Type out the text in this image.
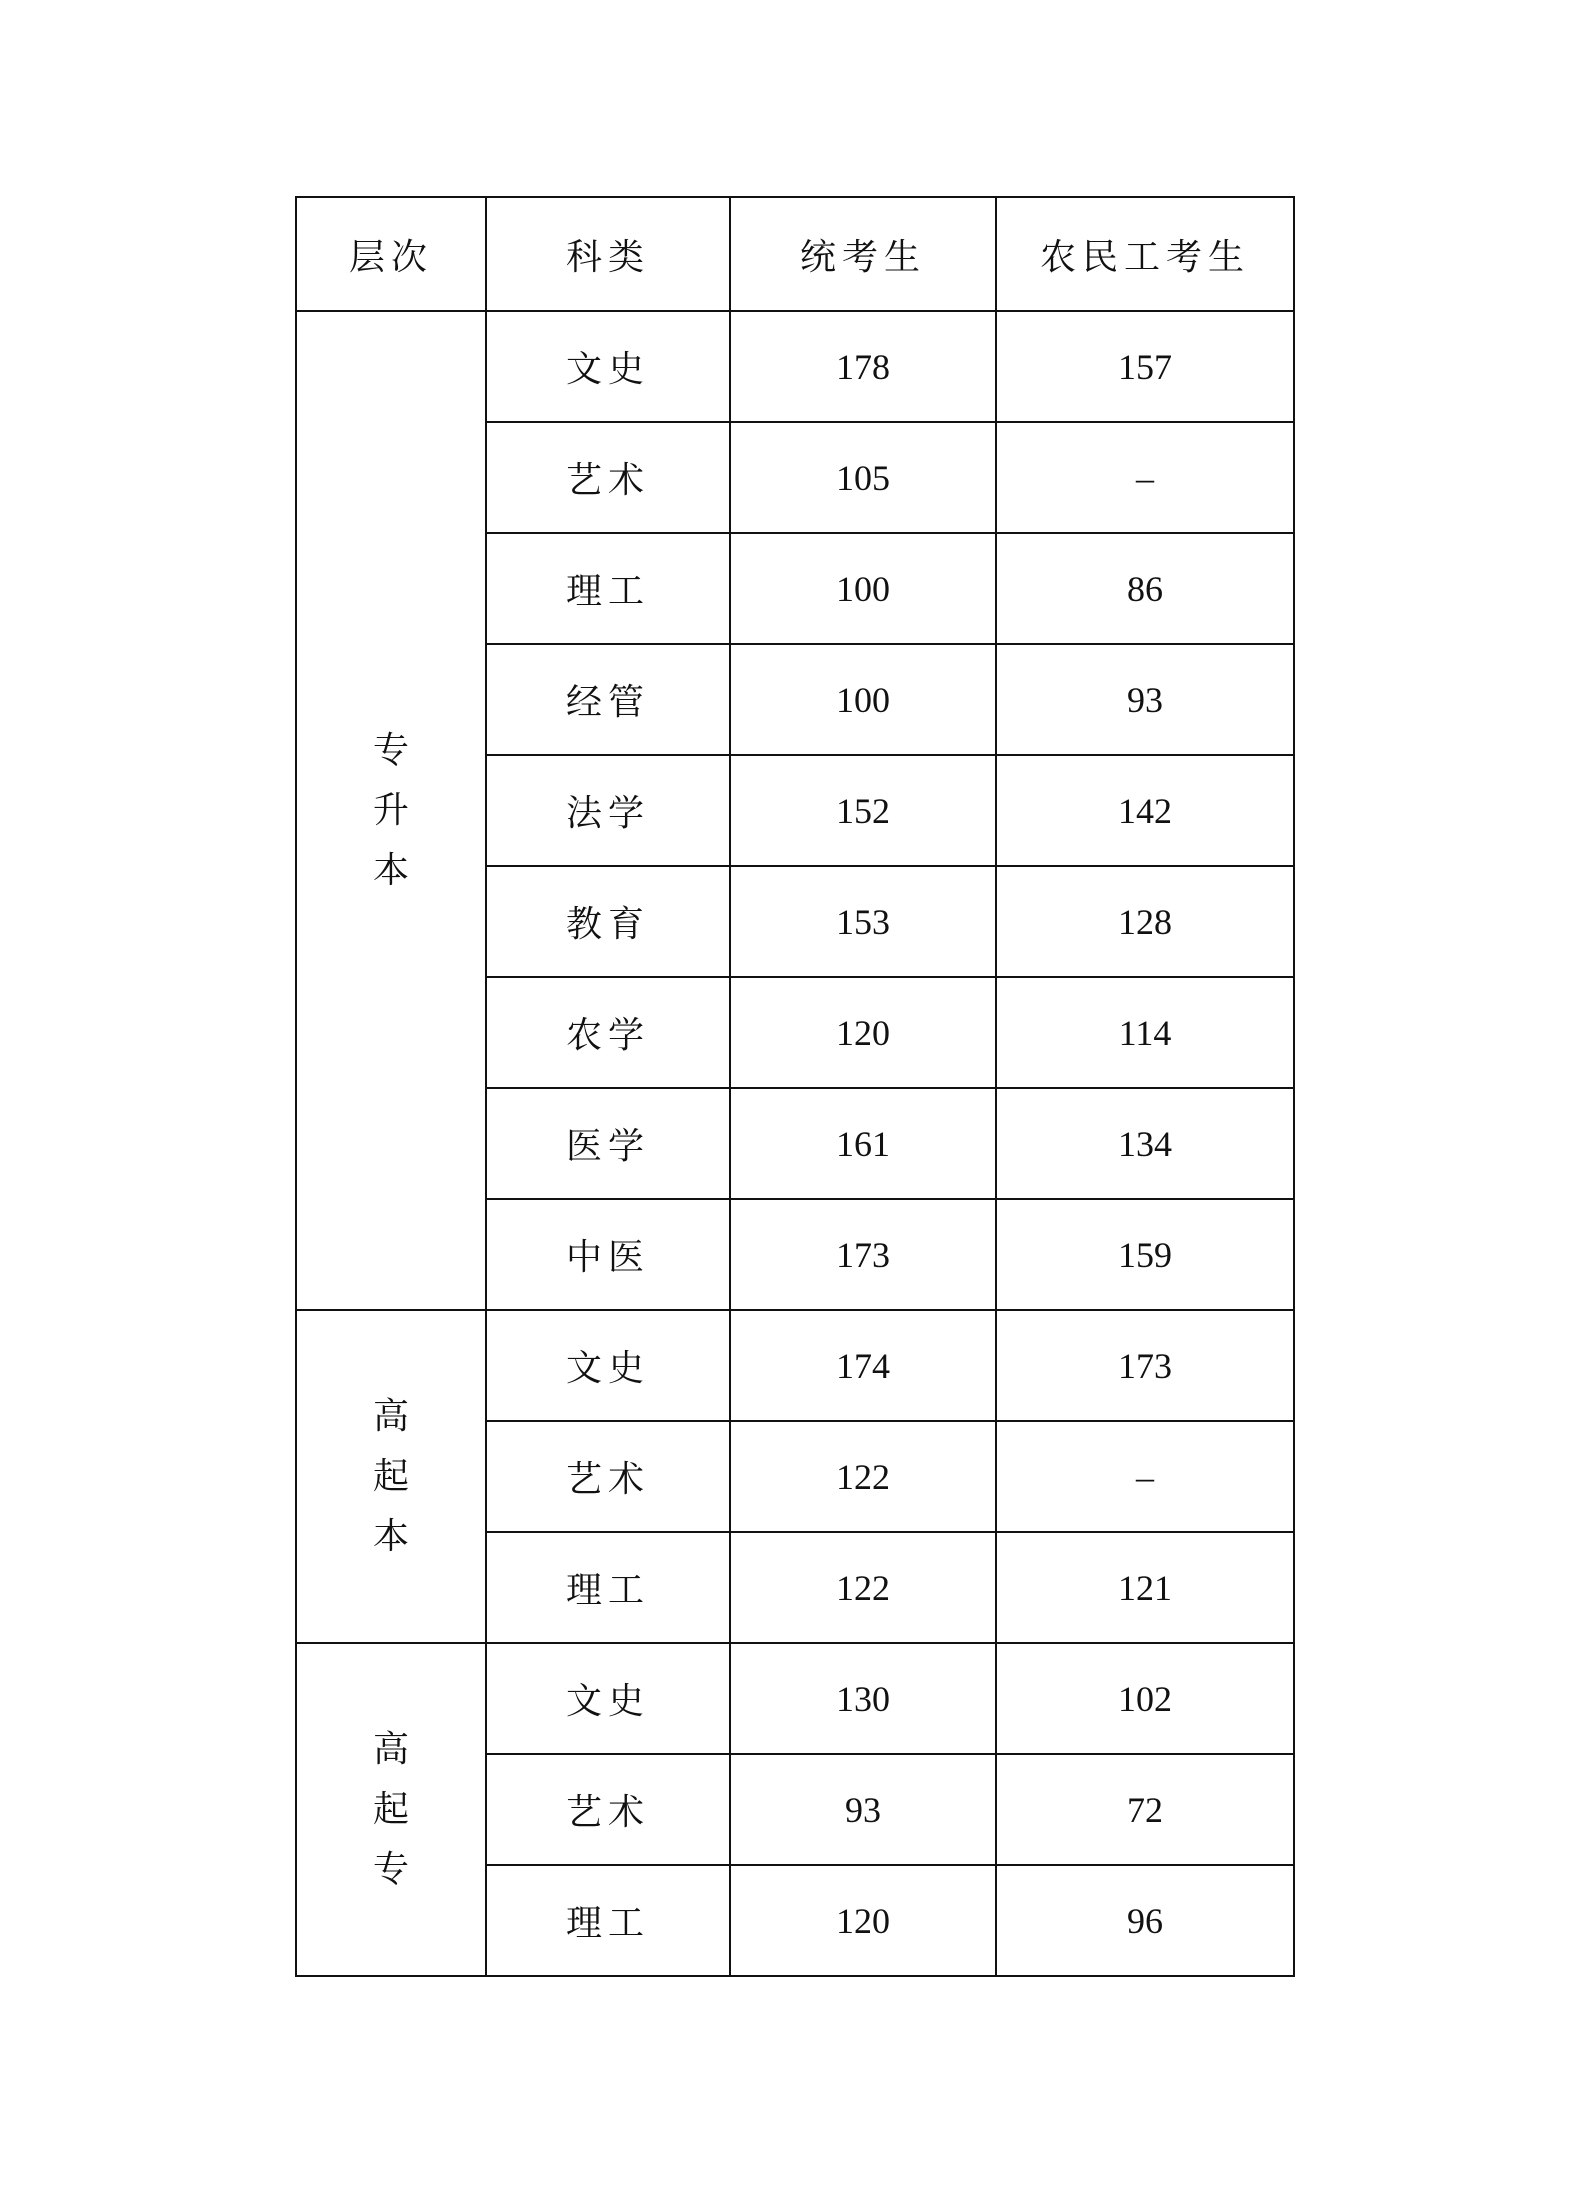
层次	科类	统考生	农民工考生

专
升
本	文史	178	157
	艺术	105	–
	理工	100	86
	经管	100	93
	法学	152	142
	教育	153	128
	农学	120	114
	医学	161	134
	中医	173	159

高
起
本	文史	174	173
	艺术	122	–
	理工	122	121

高
起
专	文史	130	102
	艺术	93	72
	理工	120	96
